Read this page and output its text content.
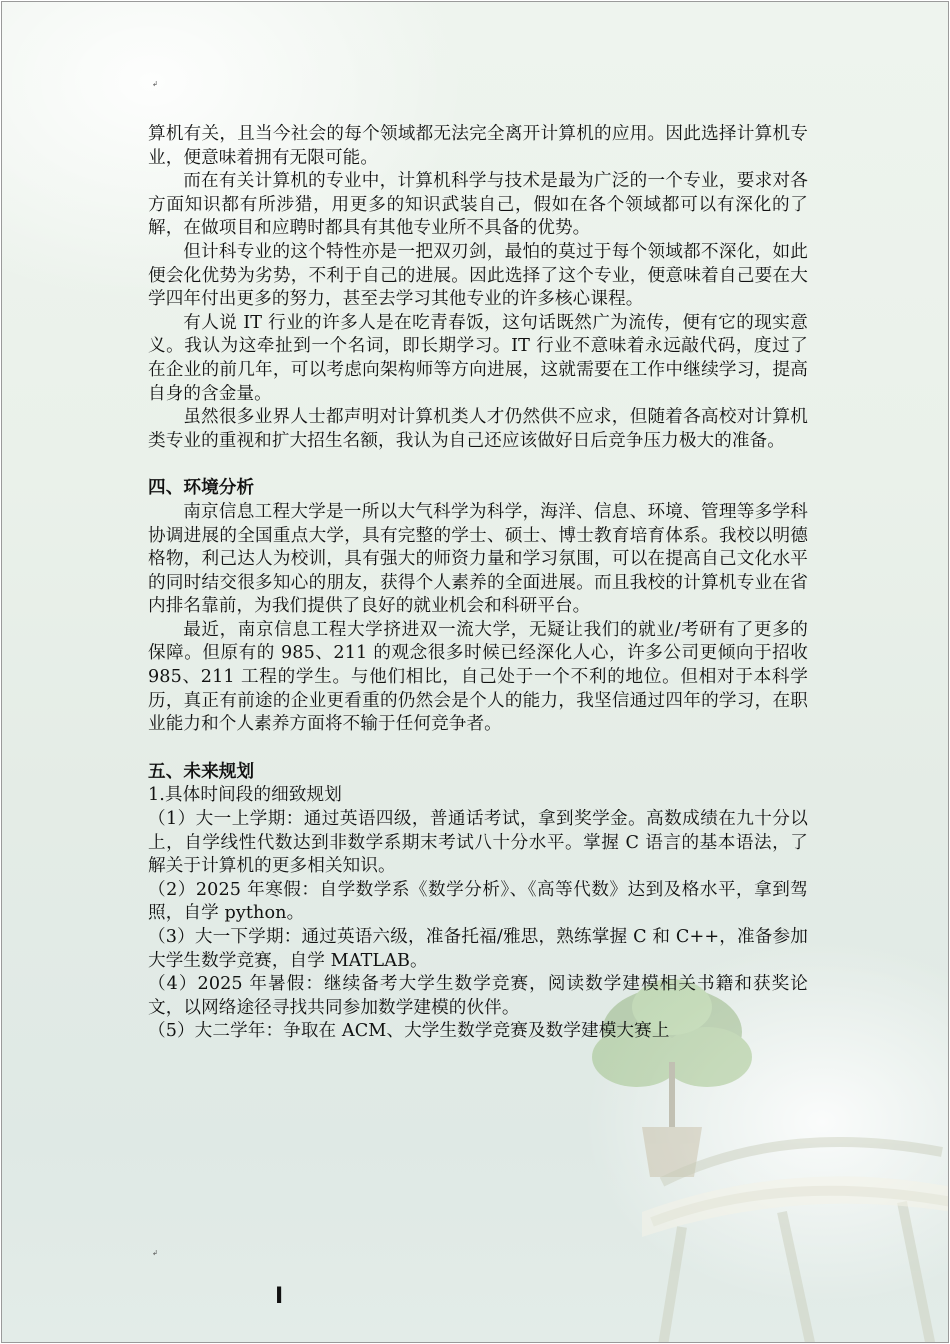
↲
↲

算机有关，且当今社会的每个领域都无法完全离开计算机的应用。因此选择计算机专业，便意味着拥有无限可能。

而在有关计算机的专业中，计算机科学与技术是最为广泛的一个专业，要求对各方面知识都有所涉猎，用更多的知识武装自己，假如在各个领域都可以有深化的了解，在做项目和应聘时都具有其他专业所不具备的优势。

但计科专业的这个特性亦是一把双刃剑，最怕的莫过于每个领域都不深化，如此便会化优势为劣势，不利于自己的进展。因此选择了这个专业，便意味着自己要在大学四年付出更多的努力，甚至去学习其他专业的许多核心课程。

有人说 IT 行业的许多人是在吃青春饭，这句话既然广为流传，便有它的现实意义。我认为这牵扯到一个名词，即长期学习。IT 行业不意味着永远敲代码，度过了在企业的前几年，可以考虑向架构师等方向进展，这就需要在工作中继续学习，提高自身的含金量。

虽然很多业界人士都声明对计算机类人才仍然供不应求，但随着各高校对计算机类专业的重视和扩大招生名额，我认为自己还应该做好日后竞争压力极大的准备。

四、环境分析

南京信息工程大学是一所以大气科学为科学，海洋、信息、环境、管理等多学科协调进展的全国重点大学，具有完整的学士、硕士、博士教育培育体系。我校以明德格物，利己达人为校训，具有强大的师资力量和学习氛围，可以在提高自己文化水平的同时结交很多知心的朋友，获得个人素养的全面进展。而且我校的计算机专业在省内排名靠前，为我们提供了良好的就业机会和科研平台。

最近，南京信息工程大学挤进双一流大学，无疑让我们的就业/考研有了更多的保障。但原有的 985、211 的观念很多时候已经深化人心，许多公司更倾向于招收 985、211 工程的学生。与他们相比，自己处于一个不利的地位。但相对于本科学历，真正有前途的企业更看重的仍然会是个人的能力，我坚信通过四年的学习，在职业能力和个人素养方面将不输于任何竞争者。

五、未来规划

1.具体时间段的细致规划

（1）大一上学期：通过英语四级，普通话考试，拿到奖学金。高数成绩在九十分以上，自学线性代数达到非数学系期末考试八十分水平。掌握 C 语言的基本语法，了解关于计算机的更多相关知识。

（2）2025 年寒假：自学数学系《数学分析》、《高等代数》达到及格水平，拿到驾照，自学 python。

（3）大一下学期：通过英语六级，准备托福/雅思，熟练掌握 C 和 C++，准备参加大学生数学竞赛，自学 MATLAB。

（4）2025 年暑假：继续备考大学生数学竞赛，阅读数学建模相关书籍和获奖论文，以网络途径寻找共同参加数学建模的伙伴。

（5）大二学年：争取在 ACM、大学生数学竞赛及数学建模大赛上

I
